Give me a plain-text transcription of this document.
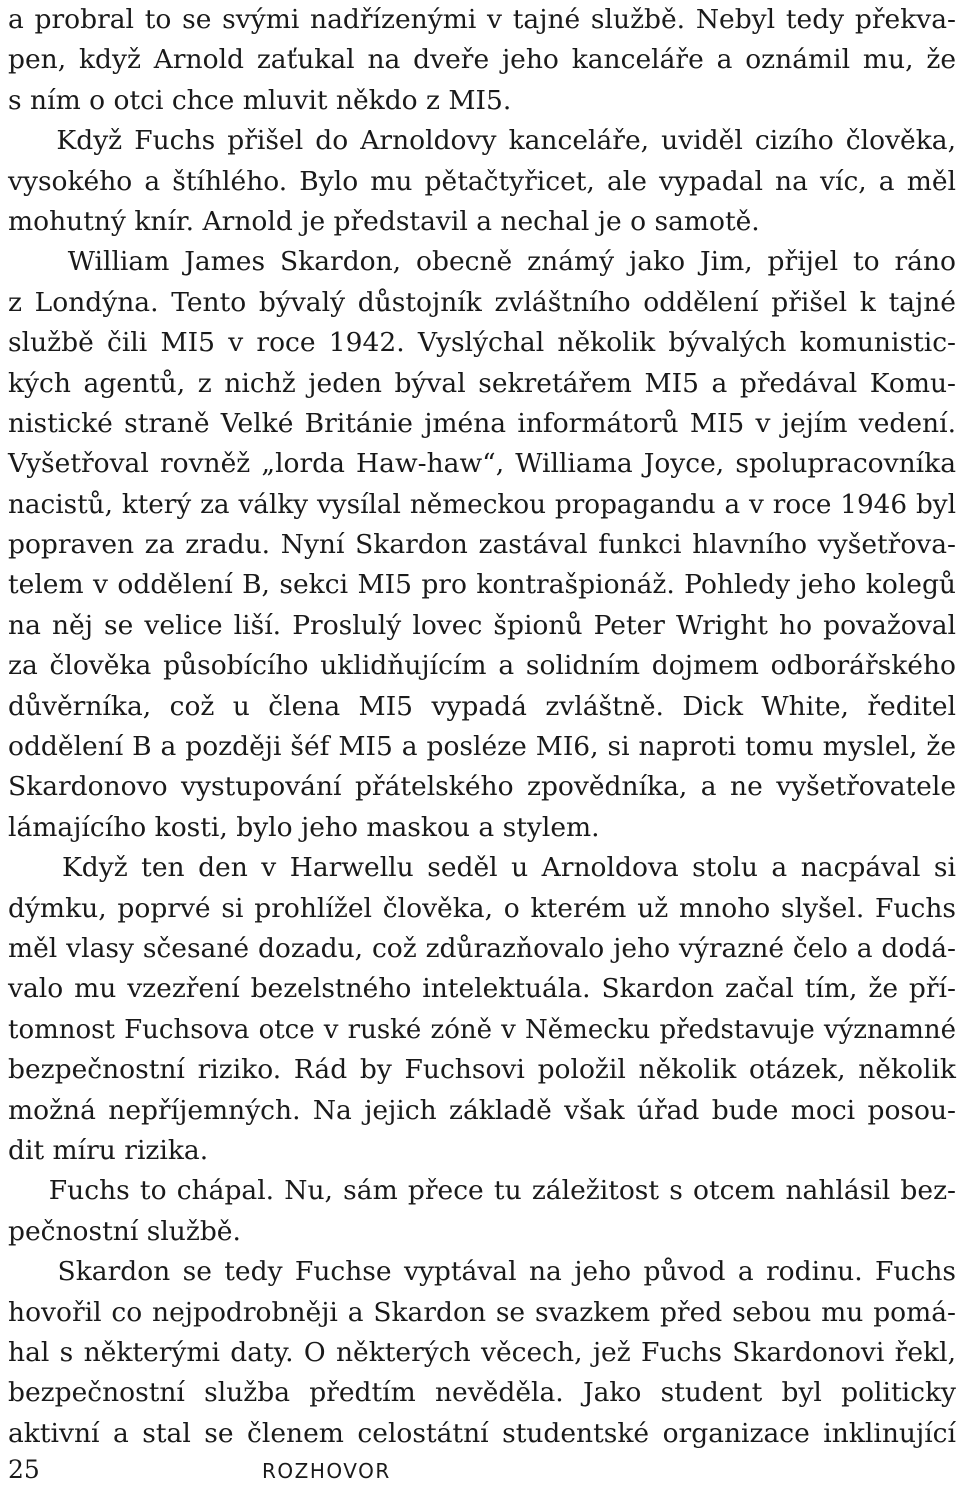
a probral to se svými nadřízenými v tajné službě. Nebyl tedy překva-
pen, když Arnold zaťukal na dveře jeho kanceláře a oznámil mu, že
s ním o otci chce mluvit někdo z MI5.
Když Fuchs přišel do Arnoldovy kanceláře, uviděl cizího člověka,
vysokého a štíhlého. Bylo mu pětačtyřicet, ale vypadal na víc, a měl
mohutný knír. Arnold je představil a nechal je o samotě.
William James Skardon, obecně známý jako Jim, přijel to ráno
z Londýna. Tento bývalý důstojník zvláštního oddělení přišel k tajné
službě čili MI5 v roce 1942. Vyslýchal několik bývalých komunistic-
kých agentů, z nichž jeden býval sekretářem MI5 a předával Komu-
nistické straně Velké Británie jména informátorů MI5 v jejím vedení.
Vyšetřoval rovněž „lorda Haw-haw“, Williama Joyce, spolupracovníka
nacistů, který za války vysílal německou propagandu a v roce 1946 byl
popraven za zradu. Nyní Skardon zastával funkci hlavního vyšetřova-
telem v oddělení B, sekci MI5 pro kontrašpionáž. Pohledy jeho kolegů
na něj se velice liší. Proslulý lovec špionů Peter Wright ho považoval
za člověka působícího uklidňujícím a solidním dojmem odborářského
důvěrníka, což u člena MI5 vypadá zvláštně. Dick White, ředitel
oddělení B a později šéf MI5 a posléze MI6, si naproti tomu myslel, že
Skardonovo vystupování přátelského zpovědníka, a ne vyšetřovatele
lámajícího kosti, bylo jeho maskou a stylem.
Když ten den v Harwellu seděl u Arnoldova stolu a nacpával si
dýmku, poprvé si prohlížel člověka, o kterém už mnoho slyšel. Fuchs
měl vlasy sčesané dozadu, což zdůrazňovalo jeho výrazné čelo a dodá-
valo mu vzezření bezelstného intelektuála. Skardon začal tím, že pří-
tomnost Fuchsova otce v ruské zóně v Německu představuje významné
bezpečnostní riziko. Rád by Fuchsovi položil několik otázek, několik
možná nepříjemných. Na jejich základě však úřad bude moci posou-
dit míru rizika.
Fuchs to chápal. Nu, sám přece tu záležitost s otcem nahlásil bez-
pečnostní službě.
Skardon se tedy Fuchse vyptával na jeho původ a rodinu. Fuchs
hovořil co nejpodrobněji a Skardon se svazkem před sebou mu pomá-
hal s některými daty. O některých věcech, jež Fuchs Skardonovi řekl,
bezpečnostní služba předtím nevěděla. Jako student byl politicky
aktivní a stal se členem celostátní studentské organizace inklinující
25	ROZHOVOR
